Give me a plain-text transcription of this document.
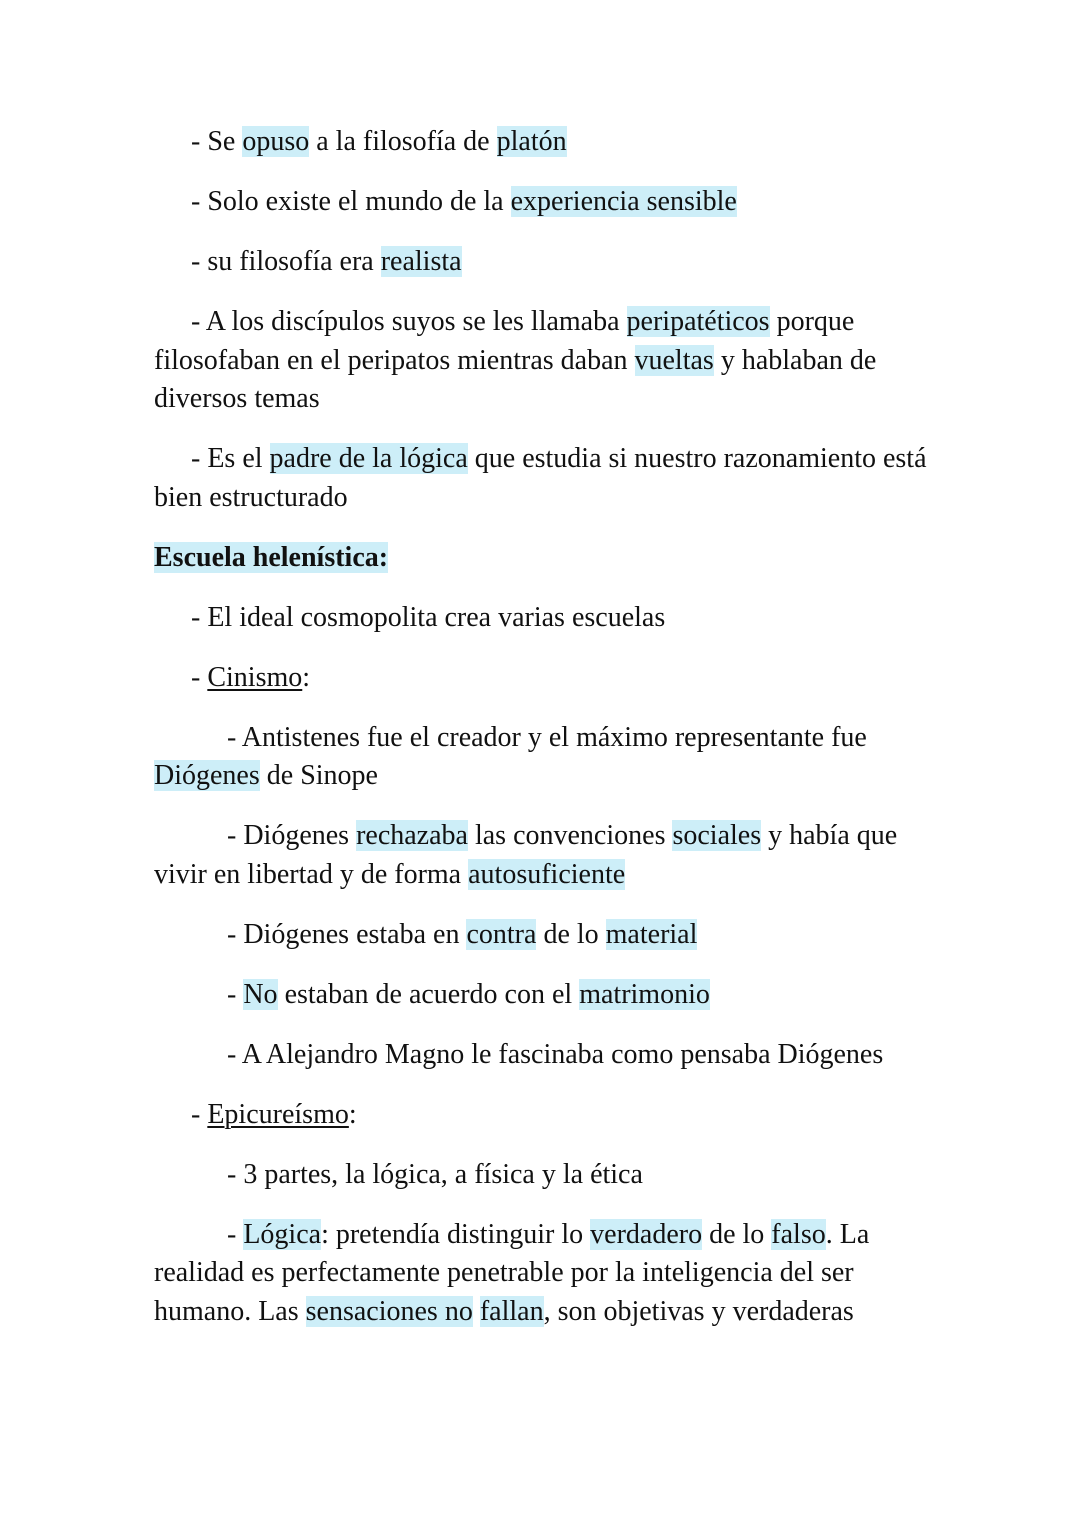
- Se opuso a la filosofía de platón

- Solo existe el mundo de la experiencia sensible

- su filosofía era realista

- A los discípulos suyos se les llamaba peripatéticos porque filosofaban en el peripatos mientras daban vueltas y hablaban de diversos temas

- Es el padre de la lógica que estudia si nuestro razonamiento está bien estructurado

Escuela helenística:

- El ideal cosmopolita crea varias escuelas

- Cinismo:

- Antistenes fue el creador y el máximo representante fue Diógenes de Sinope

- Diógenes rechazaba las convenciones sociales y había que vivir en libertad y de forma autosuficiente

- Diógenes estaba en contra de lo material

- No estaban de acuerdo con el matrimonio

- A Alejandro Magno le fascinaba como pensaba Diógenes

- Epicureísmo:

- 3 partes, la lógica, a física y la ética

- Lógica: pretendía distinguir lo verdadero de lo falso. La realidad es perfectamente penetrable por la inteligencia del ser humano. Las sensaciones no fallan, son objetivas y verdaderas
